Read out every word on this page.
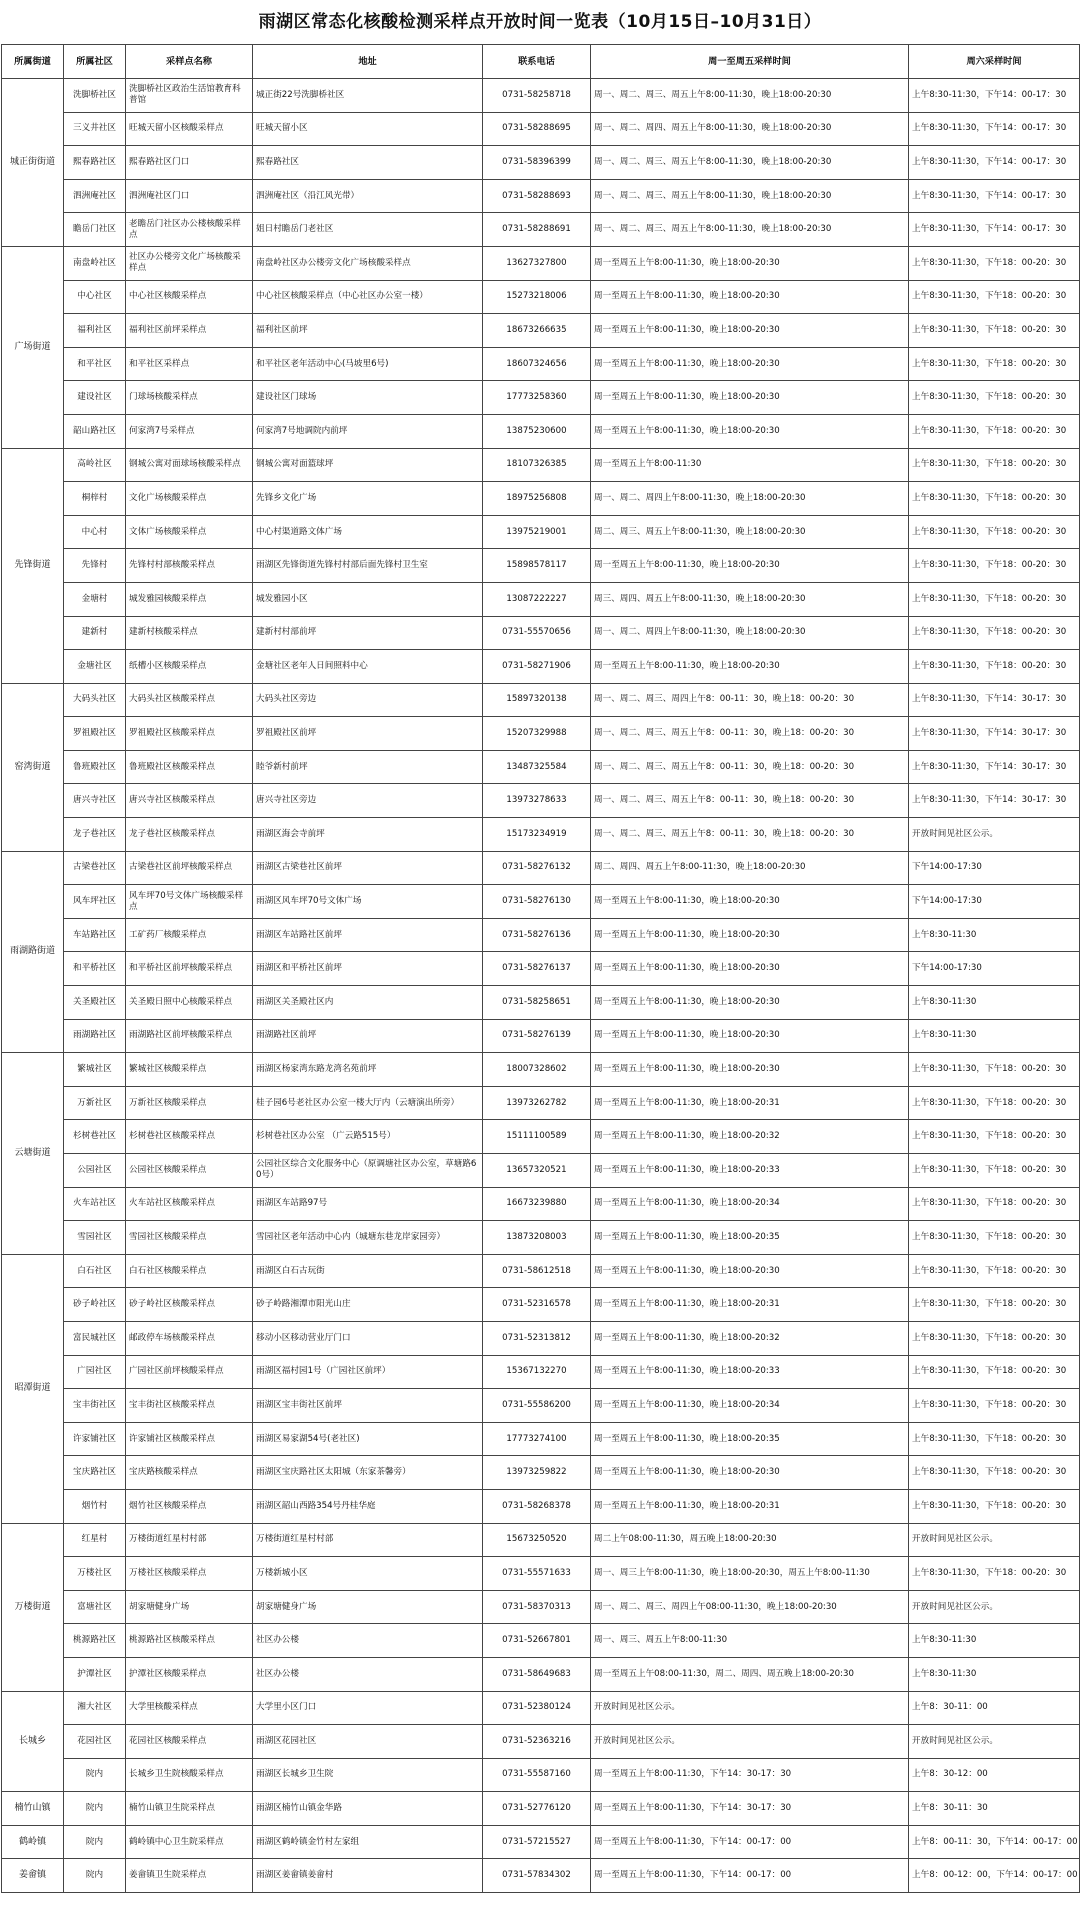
雨湖区常态化核酸检测采样点开放时间一览表（10月15日–10月31日）
所属街道	所属社区	采样点名称	地址	联系电话	周一至周五采样时间	周六采样时间
城正街街道	洗脚桥社区	洗脚桥社区政治生活馆教育科普馆	城正街22号洗脚桥社区	0731-58258718	周一、周二、周三、周五上午8:00-11:30，晚上18:00-20:30	上午8:30-11:30，下午14：00-17：30
	三义井社区	旺城天留小区核酸采样点	旺城天留小区	0731-58288695	周一、周二、周四、周五上午8:00-11:30，晚上18:00-20:30	上午8:30-11:30，下午14：00-17：30
	熙春路社区	熙春路社区门口	熙春路社区	0731-58396399	周一、周二、周三、周五上午8:00-11:30，晚上18:00-20:30	上午8:30-11:30，下午14：00-17：30
	泗洲庵社区	泗洲庵社区门口	泗洲庵社区（沿江风光带）	0731-58288693	周一、周二、周三、周五上午8:00-11:30，晚上18:00-20:30	上午8:30-11:30，下午14：00-17：30
	瞻岳门社区	老瞻岳门社区办公楼核酸采样点	姐日村瞻岳门老社区	0731-58288691	周一、周二、周三、周五上午8:00-11:30，晚上18:00-20:30	上午8:30-11:30，下午14：00-17：30
广场街道	南盘岭社区	社区办公楼旁文化广场核酸采样点	南盘岭社区办公楼旁文化广场核酸采样点	13627327800	周一至周五上午8:00-11:30，晚上18:00-20:30	上午8:30-11:30，下午18：00-20：30
	中心社区	中心社区核酸采样点	中心社区核酸采样点（中心社区办公室一楼）	15273218006	周一至周五上午8:00-11:30，晚上18:00-20:30	上午8:30-11:30，下午18：00-20：30
	福利社区	福利社区前坪采样点	福利社区前坪	18673266635	周一至周五上午8:00-11:30，晚上18:00-20:30	上午8:30-11:30，下午18：00-20：30
	和平社区	和平社区采样点	和平社区老年活动中心(马坡里6号)	18607324656	周一至周五上午8:00-11:30，晚上18:00-20:30	上午8:30-11:30，下午18：00-20：30
	建设社区	门球场核酸采样点	建设社区门球场	17773258360	周一至周五上午8:00-11:30，晚上18:00-20:30	上午8:30-11:30，下午18：00-20：30
	韶山路社区	何家湾7号采样点	何家湾7号地调院内前坪	13875230600	周一至周五上午8:00-11:30，晚上18:00-20:30	上午8:30-11:30，下午18：00-20：30
先锋街道	高岭社区	钢城公寓对面球场核酸采样点	钢城公寓对面篮球坪	18107326385	周一至周五上午8:00-11:30	上午8:30-11:30，下午18：00-20：30
	桐梓村	文化广场核酸采样点	先锋乡文化广场	18975256808	周一、周二、周四上午8:00-11:30，晚上18:00-20:30	上午8:30-11:30，下午18：00-20：30
	中心村	文体广场核酸采样点	中心村渠道路文体广场	13975219001	周二、周三、周五上午8:00-11:30，晚上18:00-20:30	上午8:30-11:30，下午18：00-20：30
	先锋村	先锋村村部核酸采样点	雨湖区先锋街道先锋村村部后面先锋村卫生室	15898578117	周一至周五上午8:00-11:30，晚上18:00-20:30	上午8:30-11:30，下午18：00-20：30
	金塘村	城发雅园核酸采样点	城发雅园小区	13087222227	周三、周四、周五上午8:00-11:30，晚上18:00-20:30	上午8:30-11:30，下午18：00-20：30
	建新村	建新村核酸采样点	建新村村部前坪	0731-55570656	周一、周二、周四上午8:00-11:30，晚上18:00-20:30	上午8:30-11:30，下午18：00-20：30
	金塘社区	纸槽小区核酸采样点	金塘社区老年人日间照料中心	0731-58271906	周一至周五上午8:00-11:30，晚上18:00-20:30	上午8:30-11:30，下午18：00-20：30
窑湾街道	大码头社区	大码头社区核酸采样点	大码头社区旁边	15897320138	周一、周二、周三、周四上午8：00-11：30，晚上18：00-20：30	上午8:30-11:30，下午14：30-17：30
	罗祖殿社区	罗祖殿社区核酸采样点	罗祖殿社区前坪	15207329988	周一、周二、周三、周五上午8：00-11：30，晚上18：00-20：30	上午8:30-11:30，下午14：30-17：30
	鲁班殿社区	鲁班殿社区核酸采样点	睦爷新村前坪	13487325584	周一、周二、周三、周五上午8：00-11：30，晚上18：00-20：30	上午8:30-11:30，下午14：30-17：30
	唐兴寺社区	唐兴寺社区核酸采样点	唐兴寺社区旁边	13973278633	周一、周二、周三、周五上午8：00-11：30，晚上18：00-20：30	上午8:30-11:30，下午14：30-17：30
	龙子巷社区	龙子巷社区核酸采样点	雨湖区海会寺前坪	15173234919	周一、周二、周三、周五上午8：00-11：30，晚上18：00-20：30	开放时间见社区公示。
雨湖路街道	古梁巷社区	古梁巷社区前坪核酸采样点	雨湖区古梁巷社区前坪	0731-58276132	周二、周四、周五上午8:00-11:30，晚上18:00-20:30	下午14:00-17:30
	风车坪社区	风车坪70号文体广场核酸采样点	雨湖区风车坪70号文体广场	0731-58276130	周一至周五上午8:00-11:30，晚上18:00-20:30	下午14:00-17:30
	车站路社区	工矿药厂核酸采样点	雨湖区车站路社区前坪	0731-58276136	周一至周五上午8:00-11:30，晚上18:00-20:30	上午8:30-11:30
	和平桥社区	和平桥社区前坪核酸采样点	雨湖区和平桥社区前坪	0731-58276137	周一至周五上午8:00-11:30，晚上18:00-20:30	下午14:00-17:30
	关圣殿社区	关圣殿日照中心核酸采样点	雨湖区关圣殿社区内	0731-58258651	周一至周五上午8:00-11:30，晚上18:00-20:30	上午8:30-11:30
	雨湖路社区	雨湖路社区前坪核酸采样点	雨湖路社区前坪	0731-58276139	周一至周五上午8:00-11:30，晚上18:00-20:30	上午8:30-11:30
云塘街道	繁城社区	繁城社区核酸采样点	雨湖区杨家湾东路龙湾名苑前坪	18007328602	周一至周五上午8:00-11:30，晚上18:00-20:30	上午8:30-11:30，下午18：00-20：30
	万新社区	万新社区核酸采样点	桂子园6号老社区办公室一楼大厅内（云塘演出所旁）	13973262782	周一至周五上午8:00-11:30，晚上18:00-20:31	上午8:30-11:30，下午18：00-20：30
	杉树巷社区	杉树巷社区核酸采样点	杉树巷社区办公室 （广云路515号）	15111100589	周一至周五上午8:00-11:30，晚上18:00-20:32	上午8:30-11:30，下午18：00-20：30
	公园社区	公园社区核酸采样点	公园社区综合文化服务中心（原调塘社区办公室，草塘路60号）	13657320521	周一至周五上午8:00-11:30，晚上18:00-20:33	上午8:30-11:30，下午18：00-20：30
	火车站社区	火车站社区核酸采样点	雨湖区车站路97号	16673239880	周一至周五上午8:00-11:30，晚上18:00-20:34	上午8:30-11:30，下午18：00-20：30
	雪园社区	雪园社区核酸采样点	雪园社区老年活动中心内（城塘东巷龙岸家园旁）	13873208003	周一至周五上午8:00-11:30，晚上18:00-20:35	上午8:30-11:30，下午18：00-20：30
昭潭街道	白石社区	白石社区核酸采样点	雨湖区白石古玩街	0731-58612518	周一至周五上午8:00-11:30，晚上18:00-20:30	上午8:30-11:30，下午18：00-20：30
	砂子岭社区	砂子岭社区核酸采样点	砂子岭路湘潭市阳光山庄	0731-52316578	周一至周五上午8:00-11:30，晚上18:00-20:31	上午8:30-11:30，下午18：00-20：30
	富民城社区	邮政停车场核酸采样点	移动小区移动营业厅门口	0731-52313812	周一至周五上午8:00-11:30，晚上18:00-20:32	上午8:30-11:30，下午18：00-20：30
	广园社区	广园社区前坪核酸采样点	雨湖区福村园1号（广园社区前坪）	15367132270	周一至周五上午8:00-11:30，晚上18:00-20:33	上午8:30-11:30，下午18：00-20：30
	宝丰街社区	宝丰街社区核酸采样点	雨湖区宝丰街社区前坪	0731-55586200	周一至周五上午8:00-11:30，晚上18:00-20:34	上午8:30-11:30，下午18：00-20：30
	许家铺社区	许家铺社区核酸采样点	雨湖区易家湖54号(老社区)	17773274100	周一至周五上午8:00-11:30，晚上18:00-20:35	上午8:30-11:30，下午18：00-20：30
	宝庆路社区	宝庆路核酸采样点	雨湖区宝庆路社区太阳城（东家茶馨旁）	13973259822	周一至周五上午8:00-11:30，晚上18:00-20:30	上午8:30-11:30，下午18：00-20：30
	烟竹村	烟竹社区核酸采样点	雨湖区韶山西路354号丹桂华庭	0731-58268378	周一至周五上午8:00-11:30，晚上18:00-20:31	上午8:30-11:30，下午18：00-20：30
万楼街道	红星村	万楼街道红星村村部	万楼街道红星村村部	15673250520	周二上午08:00-11:30，周五晚上18:00-20:30	开放时间见社区公示。
	万楼社区	万楼社区核酸采样点	万楼新城小区	0731-55571633	周一、周三上午8:00-11:30，晚上18:00-20:30，周五上午8:00-11:30	上午8:30-11:30，下午18：00-20：30
	富塘社区	胡家塘健身广场	胡家塘健身广场	0731-58370313	周一、周二、周三、周四上午08:00-11:30，晚上18:00-20:30	开放时间见社区公示。
	桃源路社区	桃源路社区核酸采样点	社区办公楼	0731-52667801	周一、周三、周五上午8:00-11:30	上午8:30-11:30
	护潭社区	护潭社区核酸采样点	社区办公楼	0731-58649683	周一至周五上午08:00-11:30，周二、周四、周五晚上18:00-20:30	上午8:30-11:30
长城乡	湘大社区	大学里核酸采样点	大学里小区门口	0731-52380124	开放时间见社区公示。	上午8：30-11：00
	花园社区	花园社区核酸采样点	雨湖区花园社区	0731-52363216	开放时间见社区公示。	开放时间见社区公示。
	院内	长城乡卫生院核酸采样点	雨湖区长城乡卫生院	0731-55587160	周一至周五上午8:00-11:30，下午14：30-17：30	上午8：30-12：00
楠竹山镇	院内	楠竹山镇卫生院采样点	雨湖区楠竹山镇金华路	0731-52776120	周一至周五上午8:00-11:30，下午14：30-17：30	上午8：30-11：30
鹤岭镇	院内	鹤岭镇中心卫生院采样点	雨湖区鹤岭镇金竹村左家组	0731-57215527	周一至周五上午8:00-11:30，下午14：00-17：00	上午8：00-11：30，下午14：00-17：00
姜畲镇	院内	姜畲镇卫生院采样点	雨湖区姜畲镇姜畲村	0731-57834302	周一至周五上午8:00-11:30，下午14：00-17：00	上午8：00-12：00，下午14：00-17：00
